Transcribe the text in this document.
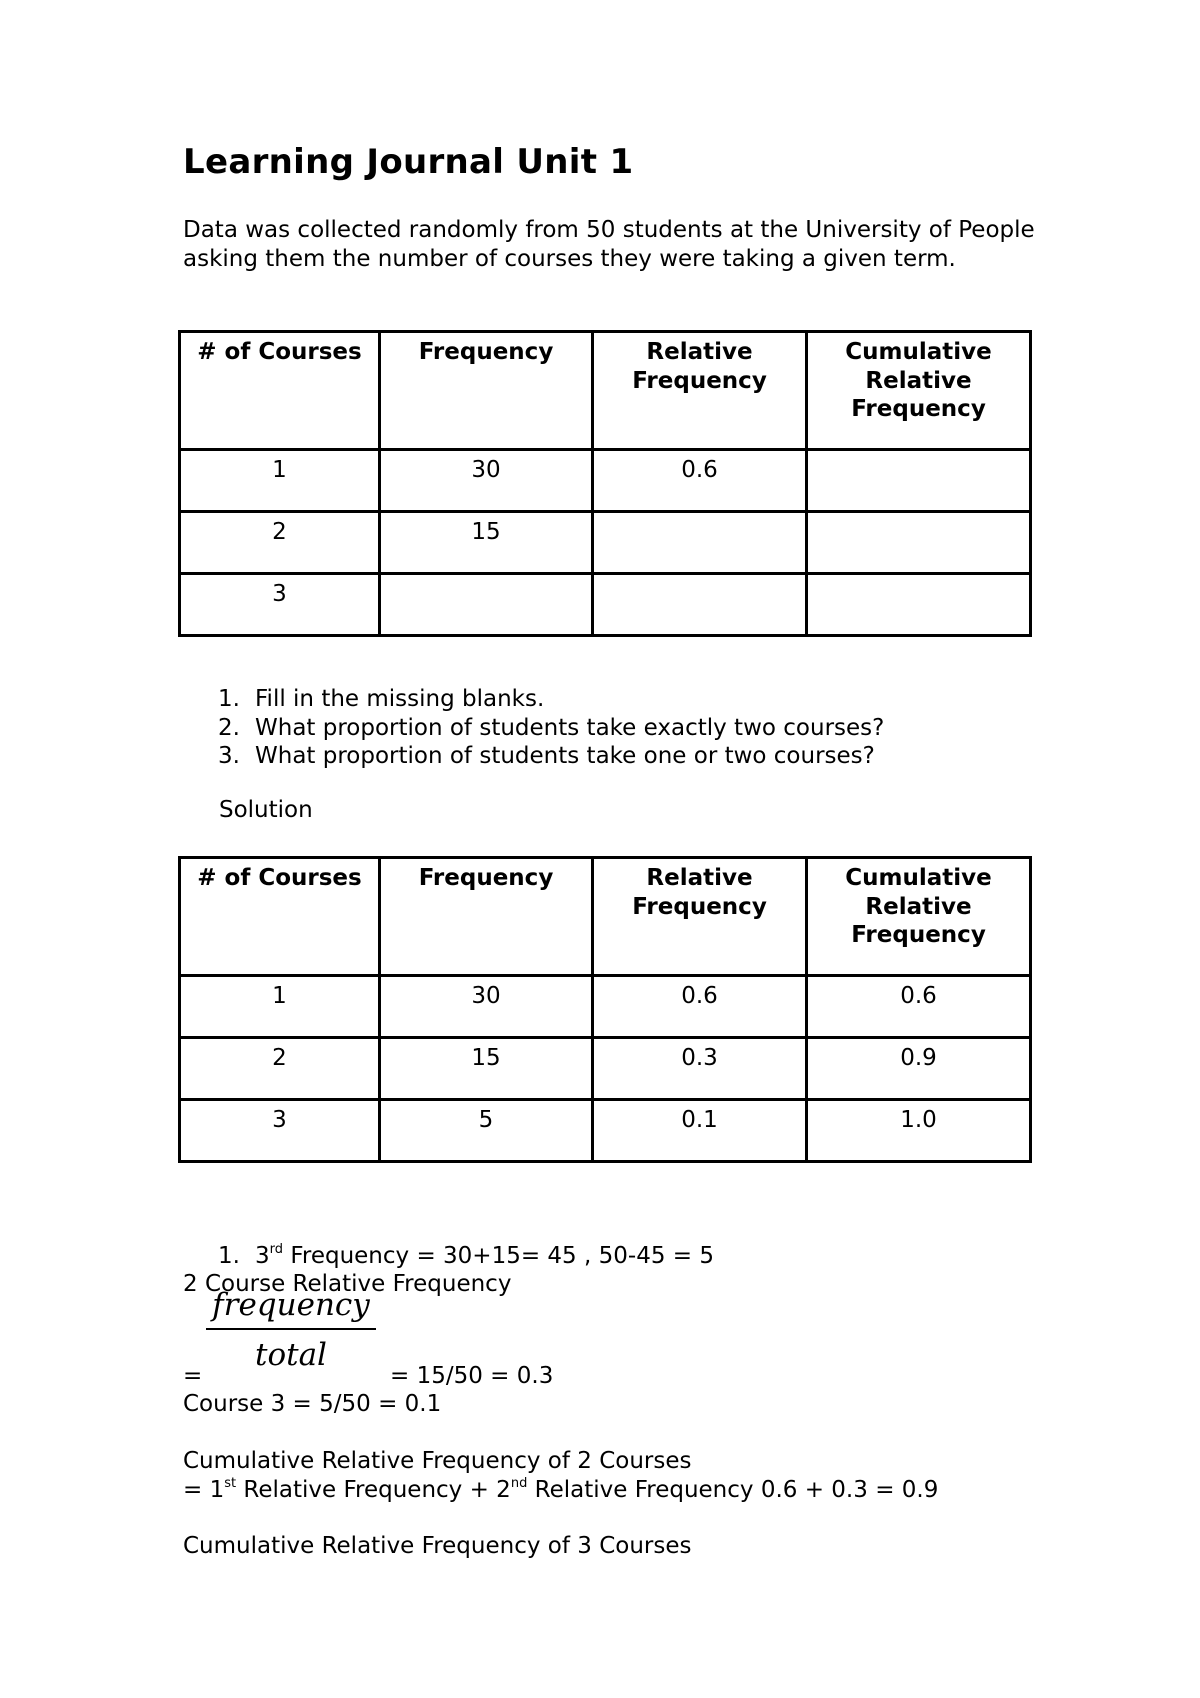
Learning Journal Unit 1

Data was collected randomly from 50 students at the University of People asking them the number of courses they were taking a given term.

# of Courses	Frequency	Relative Frequency	Cumulative Relative Frequency
1	30	0.6	
2	15		
3			
1. Fill in the missing blanks.
2. What proportion of students take exactly two courses?
3. What proportion of students take one or two courses?

Solution

# of Courses	Frequency	Relative Frequency	Cumulative Relative Frequency
1	30	0.6	0.6
2	15	0.3	0.9
3	5	0.1	1.0

1. 3rd Frequency = 30+15= 45 , 50-45 = 5

2 Course Relative Frequency

frequency
total

=	= 15/50 = 0.3

Course 3 = 5/50 = 0.1

Cumulative Relative Frequency of 2 Courses

= 1st Relative Frequency + 2nd Relative Frequency 0.6 + 0.3 = 0.9

Cumulative Relative Frequency of 3 Courses
